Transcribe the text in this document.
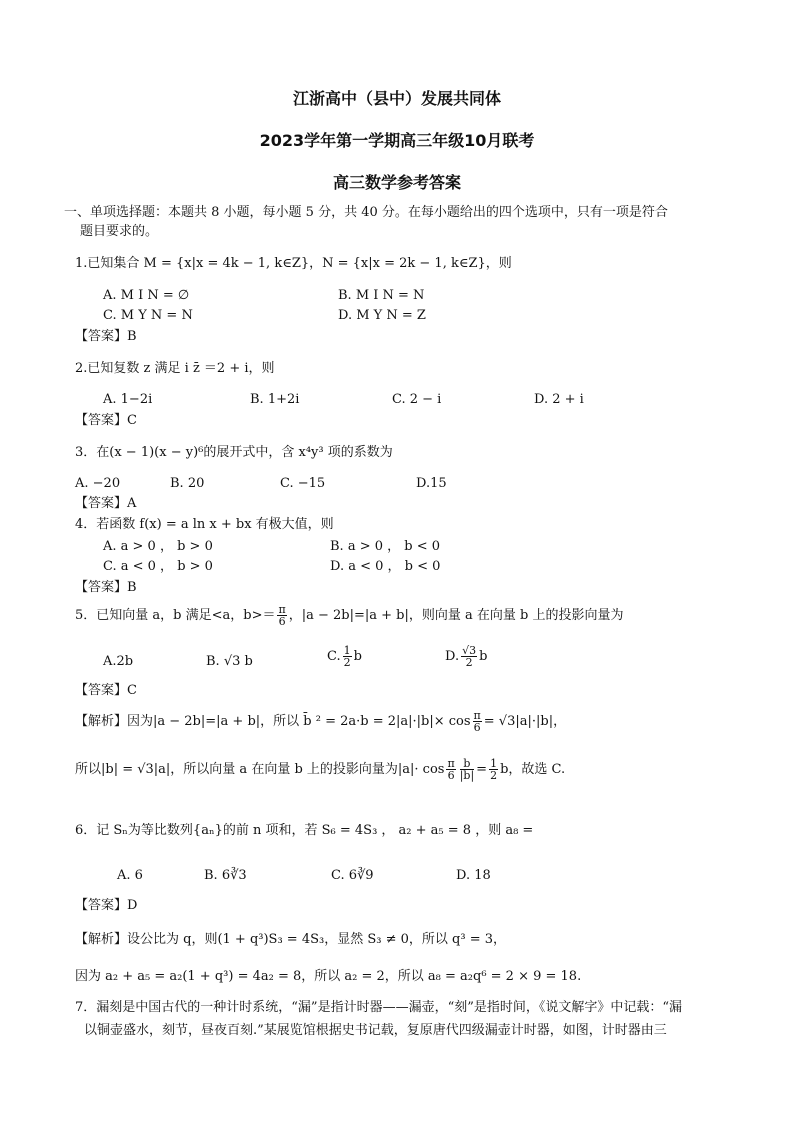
江浙高中（县中）发展共同体
2023学年第一学期高三年级10月联考
高三数学参考答案
一、单项选择题：本题共 8 小题，每小题 5 分，共 40 分。在每小题给出的四个选项中，只有一项是符合
题目要求的。
1.已知集合 M = {x|x = 4k − 1, k∈Z}，N = {x|x = 2k − 1, k∈Z}，则
A. M I N = ∅	B. M I N = N
C. M Y N = N	D. M Y N = Z
【答案】B
2.已知复数 z 满足 i z̄ ＝2 + i，则
A. 1−2i	B. 1+2i	C. 2 − i	D. 2 + i
【答案】C
3．在(x − 1)(x − y)⁶的展开式中，含 x⁴y³ 项的系数为
A. −20	B. 20	C. −15	D.15
【答案】A
4．若函数 f(x) = a ln x + bx 有极大值，则
A. a > 0 ， b > 0	B. a > 0 ， b < 0
C. a < 0 ， b > 0	D. a < 0 ， b < 0
【答案】B
5．已知向量 a，b 满足<a，$b>= \frac{\pi}{6}$ ，|a − 2b|=|a + b|，则向量 a 在向量 b 上的投影向量为
A.2b	B. √3 b	C. $\frac{1}{2}$ b	D. $\frac{√3}{2}$ b
【答案】C
【解析】因为|a − 2b|=|a + b|，所以 b̄ $^2 = 2a\cdot b = 2|a|\cdot|b|\times \cos \frac{\pi}{6} = √3|a|\cdot|b|$，
所以|b| = √3|a|，所以向量 a 在向量 b 上的投影向量为$|a|\cdot \cos \frac{\pi}{6} \frac{b}{|b|} = \frac{1}{2}$ b，故选 C.
6．记 Sₙ为等比数列{aₙ}的前 n 项和，若 S₆ = 4S₃ ， a₂ + a₅ = 8 ，则 a₈ =
A. 6	B. 6∛3	C. 6∛9	D. 18
【答案】D
【解析】设公比为 q，则(1 + q³)S₃ = 4S₃，显然 S₃ ≠ 0，所以 q³ = 3，
因为 a₂ + a₅ = a₂(1 + q³) = 4a₂ = 8，所以 a₂ = 2，所以 a₈ = a₂q⁶ = 2 × 9 = 18.
7．漏刻是中国古代的一种计时系统，“漏”是指计时器——漏壶，“刻”是指时间，《说文解字》中记载：“漏
以铜壶盛水，刻节，昼夜百刻.”某展览馆根据史书记载，复原唐代四级漏壶计时器，如图，计时器由三
